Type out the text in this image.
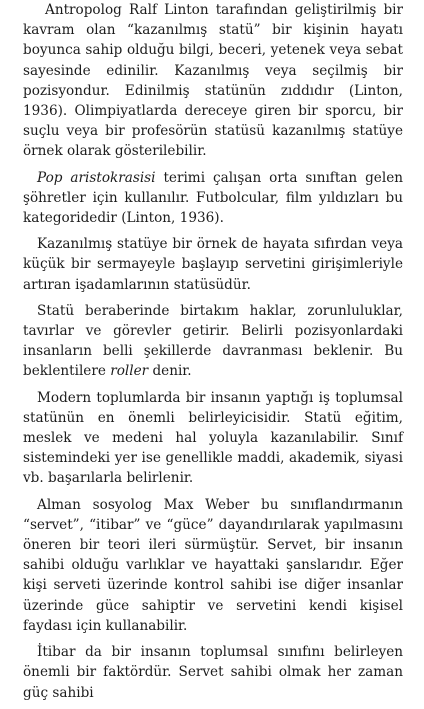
Antropolog Ralf Linton tarafından geliştirilmiş bir kavram olan “kazanılmış statü” bir kişinin hayatı boyunca sahip olduğu bilgi, beceri, yetenek veya sebat sayesinde edinilir. Kazanılmış veya seçilmiş bir pozisyondur. Edinilmiş statünün zıddıdır (Linton, 1936). Olimpiyatlarda dereceye giren bir sporcu, bir suçlu veya bir profesörün statüsü kazanılmış statüye örnek olarak gösterilebilir.

Pop aristokrasisi terimi çalışan orta sınıftan gelen şöhretler için kullanılır. Futbolcular, film yıldızları bu kategoridedir (Linton, 1936).

Kazanılmış statüye bir örnek de hayata sıfırdan veya küçük bir sermayeyle başlayıp servetini girişimleriyle artıran işadamlarının statüsüdür.

Statü beraberinde birtakım haklar, zorunluluklar, tavırlar ve görevler getirir. Belirli pozisyonlardaki insanların belli şekillerde davranması beklenir. Bu beklentilere roller denir.

Modern toplumlarda bir insanın yaptığı iş toplumsal statünün en önemli belirleyicisidir. Statü eğitim, meslek ve medeni hal yoluyla kazanılabilir. Sınıf sistemindeki yer ise genellikle maddi, akademik, siyasi vb. başarılarla belirlenir.

Alman sosyolog Max Weber bu sınıflandırmanın “servet”, “itibar” ve “güce” dayandırılarak yapılmasını öneren bir teori ileri sürmüştür. Servet, bir insanın sahibi olduğu varlıklar ve hayattaki şanslarıdır. Eğer kişi serveti üzerinde kontrol sahibi ise diğer insanlar üzerinde güce sahiptir ve servetini kendi kişisel faydası için kullanabilir.

İtibar da bir insanın toplumsal sınıfını belirleyen önemli bir faktördür. Servet sahibi olmak her zaman güç sahibi
